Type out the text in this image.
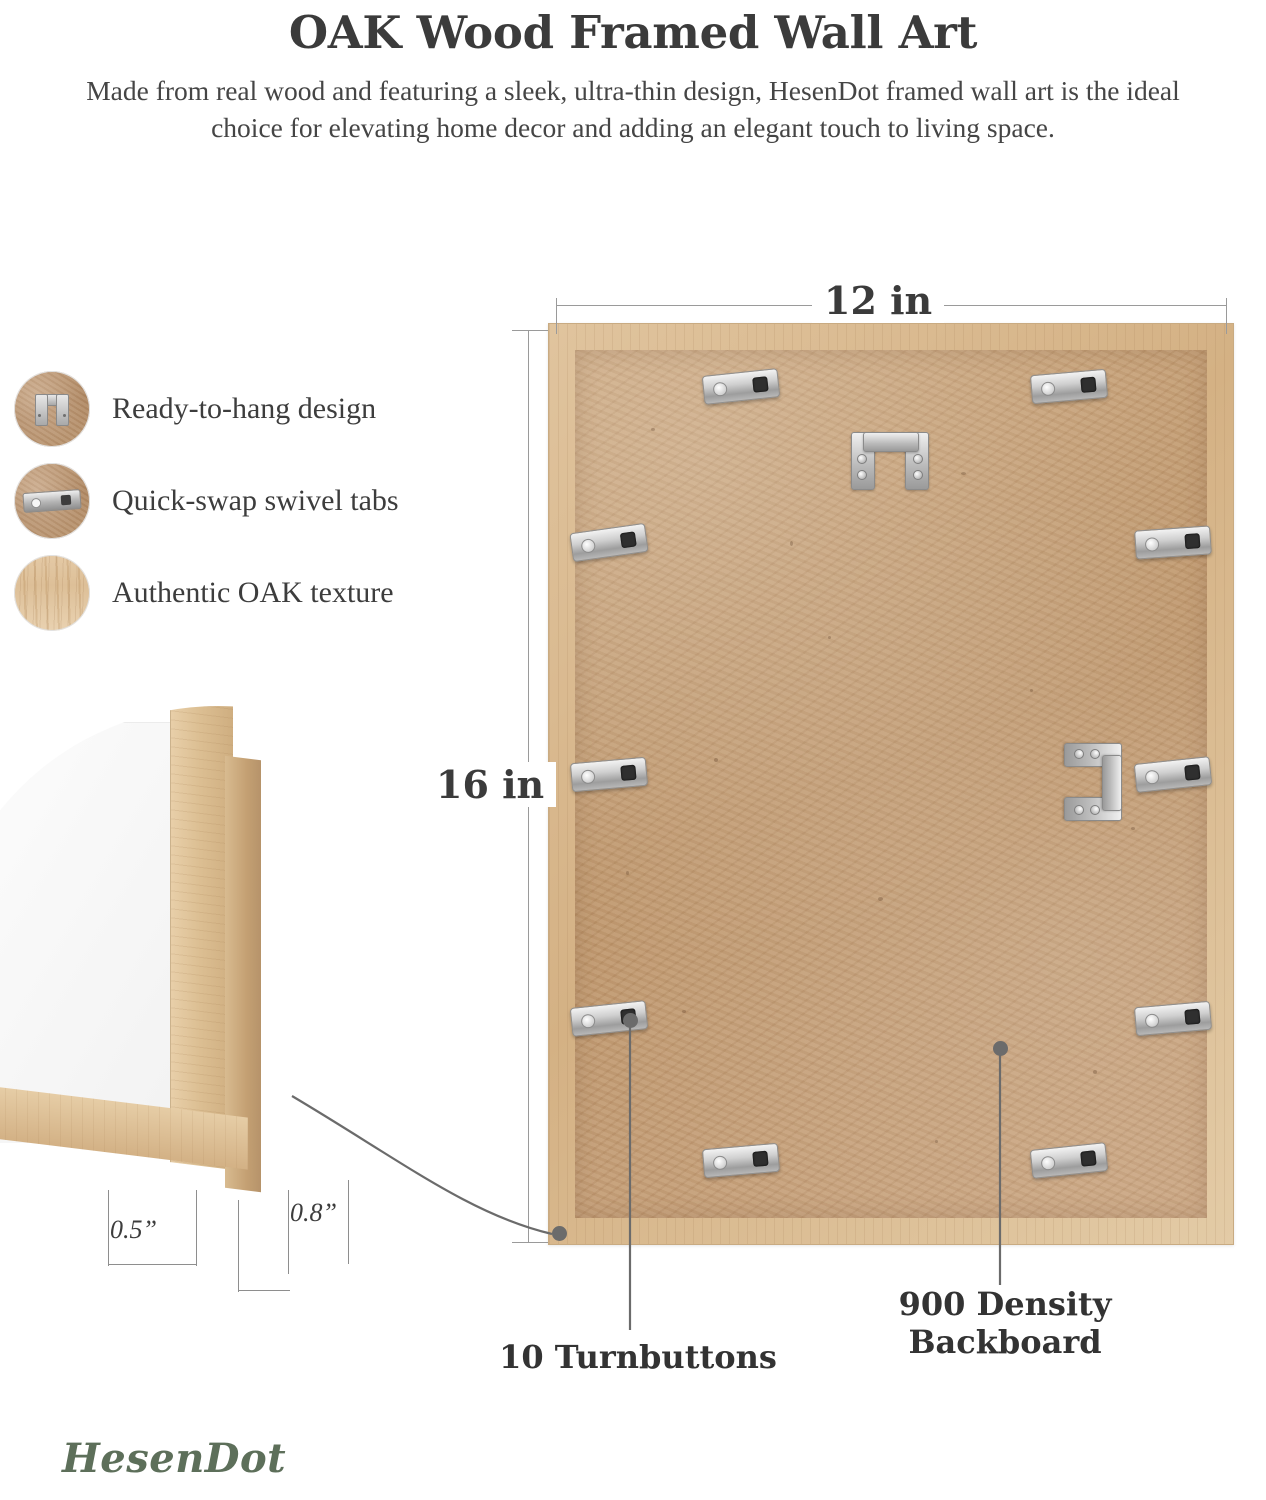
OAK Wood Framed Wall Art

Made from real wood and featuring a sleek, ultra-thin design, HesenDot framed wall art is the ideal choice for elevating home decor and adding an elegant touch to living space.

Ready-to-hang design
Quick-swap swivel tabs
Authentic OAK texture
0.5”
0.8”
12 in
16 in
10 Turnbuttons
900 Density
Backboard
HesenDot
